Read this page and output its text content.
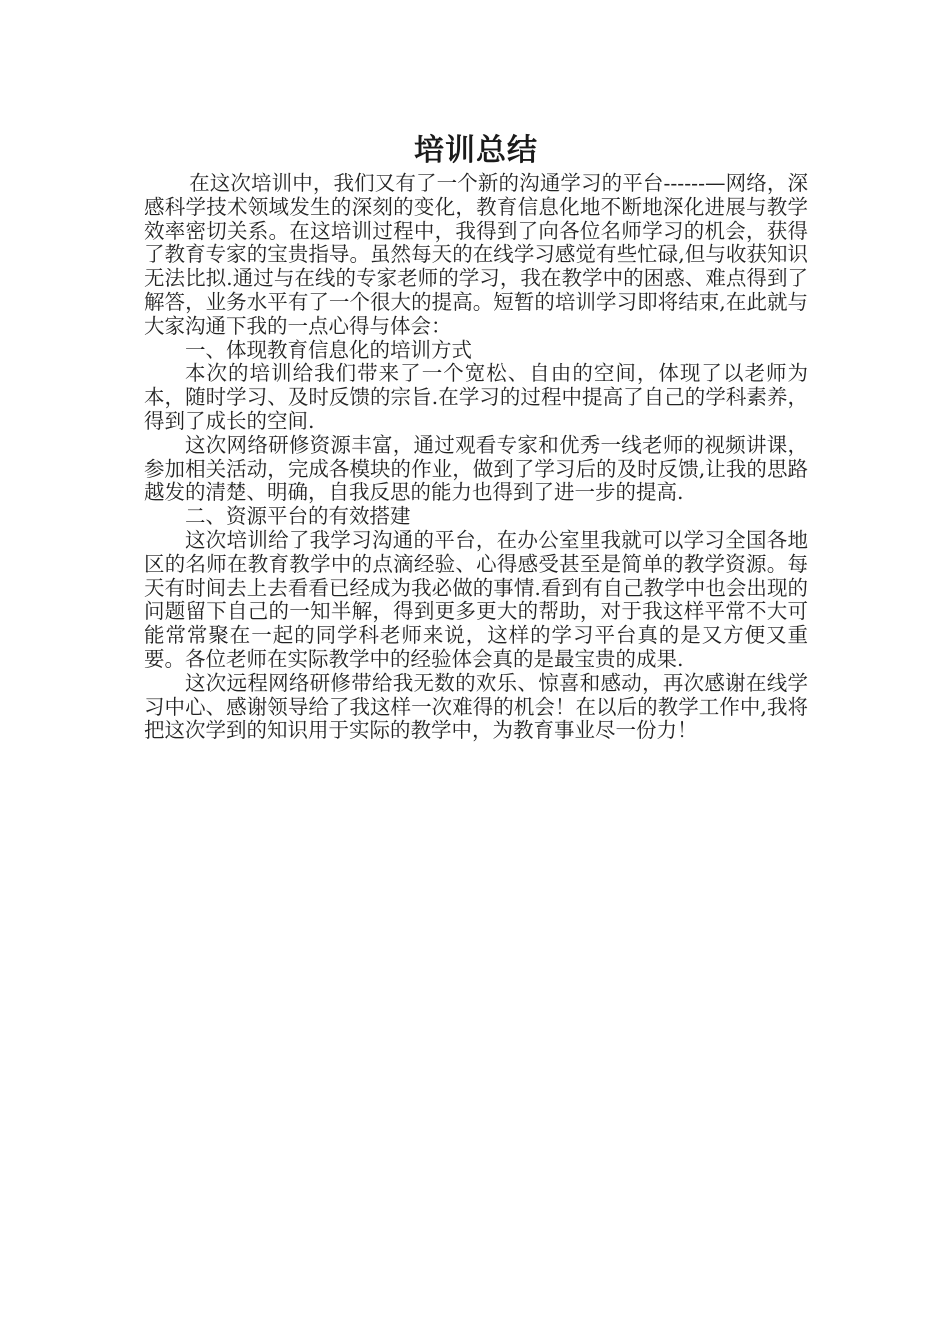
培训总结

在这次培训中，我们又有了一个新的沟通学习的平台------—网络，深感科学技术领域发生的深刻的变化，教育信息化地不断地深化进展与教学效率密切关系。在这培训过程中，我得到了向各位名师学习的机会，获得了教育专家的宝贵指导。虽然每天的在线学习感觉有些忙碌,但与收获知识无法比拟.通过与在线的专家老师的学习，我在教学中的困惑、难点得到了解答，业务水平有了一个很大的提高。短暂的培训学习即将结束,在此就与大家沟通下我的一点心得与体会：

一、体现教育信息化的培训方式

本次的培训给我们带来了一个宽松、自由的空间，体现了以老师为本，随时学习、及时反馈的宗旨.在学习的过程中提高了自己的学科素养，得到了成长的空间.

这次网络研修资源丰富，通过观看专家和优秀一线老师的视频讲课，参加相关活动，完成各模块的作业，做到了学习后的及时反馈,让我的思路越发的清楚、明确，自我反思的能力也得到了进一步的提高.

二、资源平台的有效搭建

这次培训给了我学习沟通的平台，在办公室里我就可以学习全国各地区的名师在教育教学中的点滴经验、心得感受甚至是简单的教学资源。每天有时间去上去看看已经成为我必做的事情.看到有自己教学中也会出现的问题留下自己的一知半解，得到更多更大的帮助，对于我这样平常不大可能常常聚在一起的同学科老师来说，这样的学习平台真的是又方便又重要。各位老师在实际教学中的经验体会真的是最宝贵的成果.

这次远程网络研修带给我无数的欢乐、惊喜和感动，再次感谢在线学习中心、感谢领导给了我这样一次难得的机会！在以后的教学工作中,我将把这次学到的知识用于实际的教学中，为教育事业尽一份力！
